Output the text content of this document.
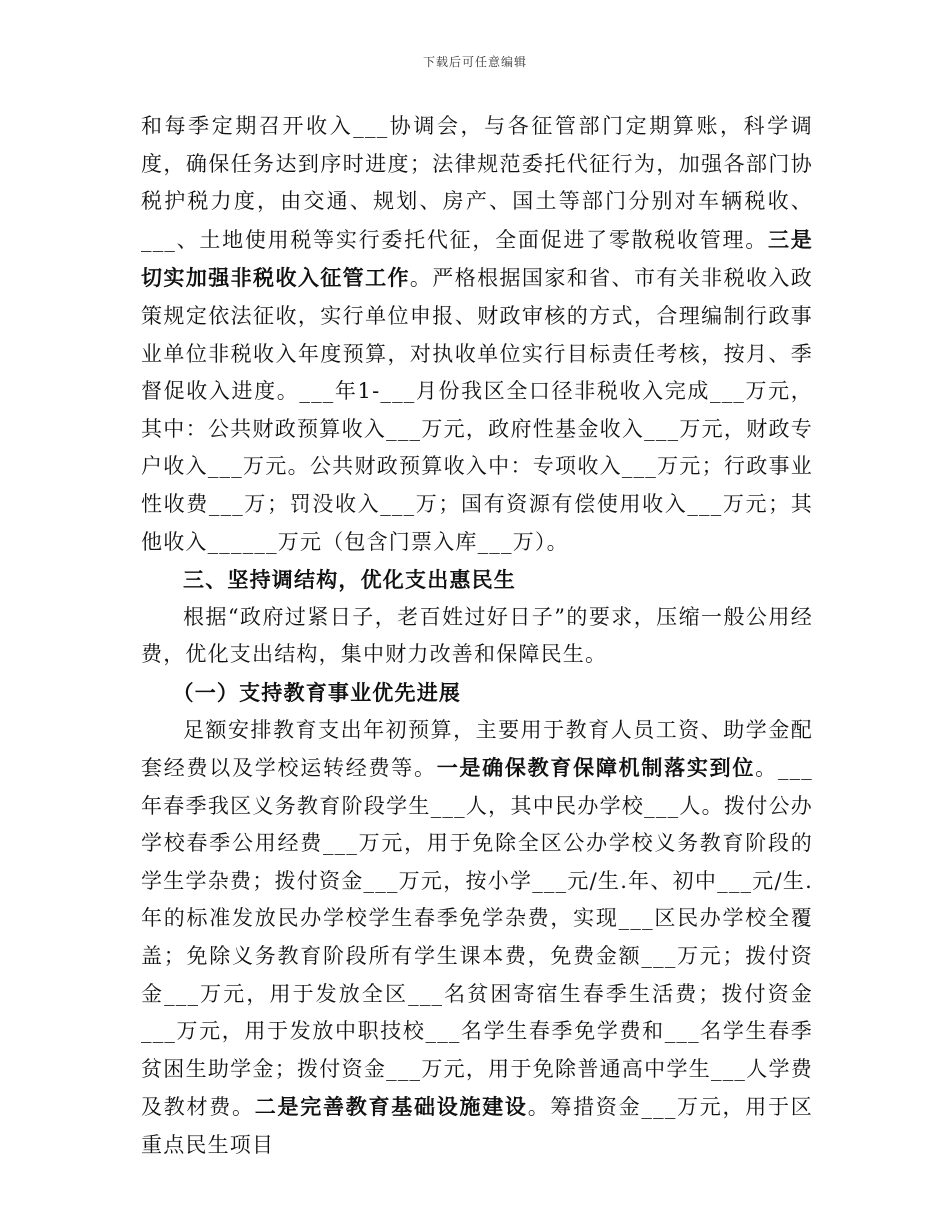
下载后可任意编辑

和每季定期召开收入___协调会，与各征管部门定期算账，科学调度，确保任务达到序时进度；法律规范委托代征行为，加强各部门协税护税力度，由交通、规划、房产、国土等部门分别对车辆税收、___、土地使用税等实行委托代征，全面促进了零散税收管理。三是切实加强非税收入征管工作。严格根据国家和省、市有关非税收入政策规定依法征收，实行单位申报、财政审核的方式，合理编制行政事业单位非税收入年度预算，对执收单位实行目标责任考核，按月、季督促收入进度。___年1-___月份我区全口径非税收入完成___万元，其中：公共财政预算收入___万元，政府性基金收入___万元，财政专户收入___万元。公共财政预算收入中：专项收入___万元；行政事业性收费___万；罚没收入___万；国有资源有偿使用收入___万元；其他收入______万元（包含门票入库___万）。

三、坚持调结构，优化支出惠民生

根据“政府过紧日子，老百姓过好日子”的要求，压缩一般公用经费，优化支出结构，集中财力改善和保障民生。

（一）支持教育事业优先进展

足额安排教育支出年初预算，主要用于教育人员工资、助学金配套经费以及学校运转经费等。一是确保教育保障机制落实到位。___年春季我区义务教育阶段学生___人，其中民办学校___人。拨付公办学校春季公用经费___万元，用于免除全区公办学校义务教育阶段的学生学杂费；拨付资金___万元，按小学___元/生.年、初中___元/生.年的标准发放民办学校学生春季免学杂费，实现___区民办学校全覆盖；免除义务教育阶段所有学生课本费，免费金额___万元；拨付资金___万元，用于发放全区___名贫困寄宿生春季生活费；拨付资金___万元，用于发放中职技校___名学生春季免学费和___名学生春季贫困生助学金；拨付资金___万元，用于免除普通高中学生___人学费及教材费。二是完善教育基础设施建设。筹措资金___万元，用于区重点民生项目
